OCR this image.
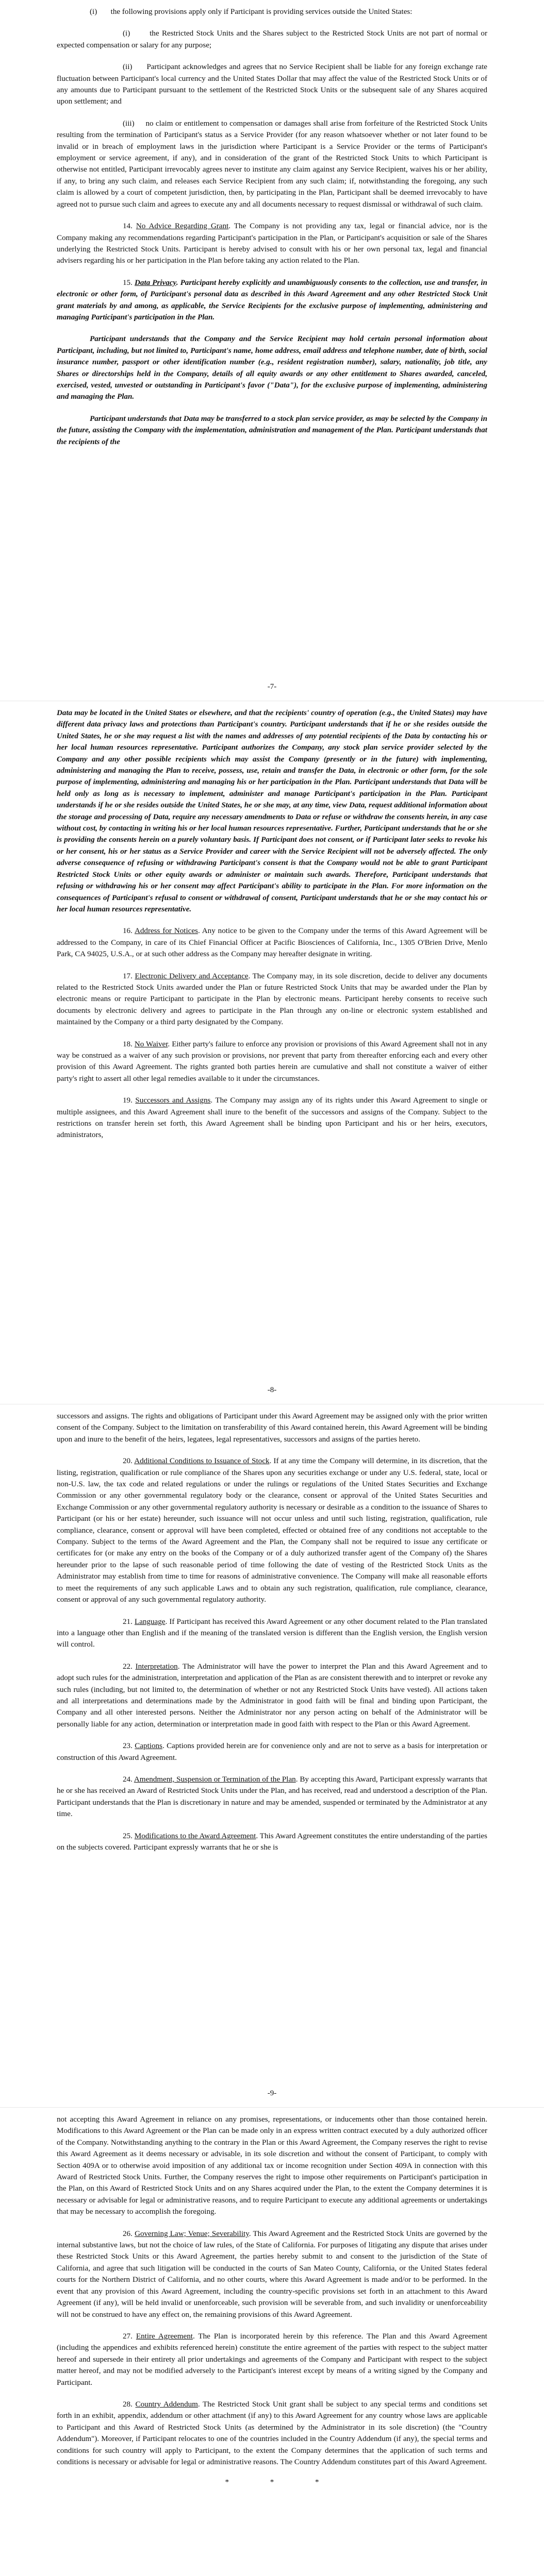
(i)       the following provisions apply only if Participant is providing services outside the United States:

(i)       the Restricted Stock Units and the Shares subject to the Restricted Stock Units are not part of normal or expected compensation or salary for any purpose;

(ii)      Participant acknowledges and agrees that no Service Recipient shall be liable for any foreign exchange rate fluctuation between Participant's local currency and the United States Dollar that may affect the value of the Restricted Stock Units or of any amounts due to Participant pursuant to the settlement of the Restricted Stock Units or the subsequent sale of any Shares acquired upon settlement; and

(iii)     no claim or entitlement to compensation or damages shall arise from forfeiture of the Restricted Stock Units resulting from the termination of Participant's status as a Service Provider (for any reason whatsoever whether or not later found to be invalid or in breach of employment laws in the jurisdiction where Participant is a Service Provider or the terms of Participant's employment or service agreement, if any), and in consideration of the grant of the Restricted Stock Units to which Participant is otherwise not entitled, Participant irrevocably agrees never to institute any claim against any Service Recipient, waives his or her ability, if any, to bring any such claim, and releases each Service Recipient from any such claim; if, notwithstanding the foregoing, any such claim is allowed by a court of competent jurisdiction, then, by participating in the Plan, Participant shall be deemed irrevocably to have agreed not to pursue such claim and agrees to execute any and all documents necessary to request dismissal or withdrawal of such claim.

14. No Advice Regarding Grant. The Company is not providing any tax, legal or financial advice, nor is the Company making any recommendations regarding Participant's participation in the Plan, or Participant's acquisition or sale of the Shares underlying the Restricted Stock Units. Participant is hereby advised to consult with his or her own personal tax, legal and financial advisers regarding his or her participation in the Plan before taking any action related to the Plan.

15. Data Privacy. Participant hereby explicitly and unambiguously consents to the collection, use and transfer, in electronic or other form, of Participant's personal data as described in this Award Agreement and any other Restricted Stock Unit grant materials by and among, as applicable, the Service Recipients for the exclusive purpose of implementing, administering and managing Participant's participation in the Plan.

Participant understands that the Company and the Service Recipient may hold certain personal information about Participant, including, but not limited to, Participant's name, home address, email address and telephone number, date of birth, social insurance number, passport or other identification number (e.g., resident registration number), salary, nationality, job title, any Shares or directorships held in the Company, details of all equity awards or any other entitlement to Shares awarded, canceled, exercised, vested, unvested or outstanding in Participant's favor ("Data"), for the exclusive purpose of implementing, administering and managing the Plan.

Participant understands that Data may be transferred to a stock plan service provider, as may be selected by the Company in the future, assisting the Company with the implementation, administration and management of the Plan. Participant understands that the recipients of the

-7-

Data may be located in the United States or elsewhere, and that the recipients' country of operation (e.g., the United States) may have different data privacy laws and protections than Participant's country. Participant understands that if he or she resides outside the United States, he or she may request a list with the names and addresses of any potential recipients of the Data by contacting his or her local human resources representative. Participant authorizes the Company, any stock plan service provider selected by the Company and any other possible recipients which may assist the Company (presently or in the future) with implementing, administering and managing the Plan to receive, possess, use, retain and transfer the Data, in electronic or other form, for the sole purpose of implementing, administering and managing his or her participation in the Plan. Participant understands that Data will be held only as long as is necessary to implement, administer and manage Participant's participation in the Plan. Participant understands if he or she resides outside the United States, he or she may, at any time, view Data, request additional information about the storage and processing of Data, require any necessary amendments to Data or refuse or withdraw the consents herein, in any case without cost, by contacting in writing his or her local human resources representative. Further, Participant understands that he or she is providing the consents herein on a purely voluntary basis. If Participant does not consent, or if Participant later seeks to revoke his or her consent, his or her status as a Service Provider and career with the Service Recipient will not be adversely affected. The only adverse consequence of refusing or withdrawing Participant's consent is that the Company would not be able to grant Participant Restricted Stock Units or other equity awards or administer or maintain such awards. Therefore, Participant understands that refusing or withdrawing his or her consent may affect Participant's ability to participate in the Plan. For more information on the consequences of Participant's refusal to consent or withdrawal of consent, Participant understands that he or she may contact his or her local human resources representative.

16. Address for Notices. Any notice to be given to the Company under the terms of this Award Agreement will be addressed to the Company, in care of its Chief Financial Officer at Pacific Biosciences of California, Inc., 1305 O'Brien Drive, Menlo Park, CA 94025, U.S.A., or at such other address as the Company may hereafter designate in writing.

17. Electronic Delivery and Acceptance. The Company may, in its sole discretion, decide to deliver any documents related to the Restricted Stock Units awarded under the Plan or future Restricted Stock Units that may be awarded under the Plan by electronic means or require Participant to participate in the Plan by electronic means. Participant hereby consents to receive such documents by electronic delivery and agrees to participate in the Plan through any on-line or electronic system established and maintained by the Company or a third party designated by the Company.

18. No Waiver. Either party's failure to enforce any provision or provisions of this Award Agreement shall not in any way be construed as a waiver of any such provision or provisions, nor prevent that party from thereafter enforcing each and every other provision of this Award Agreement. The rights granted both parties herein are cumulative and shall not constitute a waiver of either party's right to assert all other legal remedies available to it under the circumstances.

19. Successors and Assigns. The Company may assign any of its rights under this Award Agreement to single or multiple assignees, and this Award Agreement shall inure to the benefit of the successors and assigns of the Company. Subject to the restrictions on transfer herein set forth, this Award Agreement shall be binding upon Participant and his or her heirs, executors, administrators,

-8-

successors and assigns. The rights and obligations of Participant under this Award Agreement may be assigned only with the prior written consent of the Company. Subject to the limitation on transferability of this Award contained herein, this Award Agreement will be binding upon and inure to the benefit of the heirs, legatees, legal representatives, successors and assigns of the parties hereto.

20. Additional Conditions to Issuance of Stock. If at any time the Company will determine, in its discretion, that the listing, registration, qualification or rule compliance of the Shares upon any securities exchange or under any U.S. federal, state, local or non-U.S. law, the tax code and related regulations or under the rulings or regulations of the United States Securities and Exchange Commission or any other governmental regulatory body or the clearance, consent or approval of the United States Securities and Exchange Commission or any other governmental regulatory authority is necessary or desirable as a condition to the issuance of Shares to Participant (or his or her estate) hereunder, such issuance will not occur unless and until such listing, registration, qualification, rule compliance, clearance, consent or approval will have been completed, effected or obtained free of any conditions not acceptable to the Company. Subject to the terms of the Award Agreement and the Plan, the Company shall not be required to issue any certificate or certificates for (or make any entry on the books of the Company or of a duly authorized transfer agent of the Company of) the Shares hereunder prior to the lapse of such reasonable period of time following the date of vesting of the Restricted Stock Units as the Administrator may establish from time to time for reasons of administrative convenience. The Company will make all reasonable efforts to meet the requirements of any such applicable Laws and to obtain any such registration, qualification, rule compliance, clearance, consent or approval of any such governmental regulatory authority.

21. Language. If Participant has received this Award Agreement or any other document related to the Plan translated into a language other than English and if the meaning of the translated version is different than the English version, the English version will control.

22. Interpretation. The Administrator will have the power to interpret the Plan and this Award Agreement and to adopt such rules for the administration, interpretation and application of the Plan as are consistent therewith and to interpret or revoke any such rules (including, but not limited to, the determination of whether or not any Restricted Stock Units have vested). All actions taken and all interpretations and determinations made by the Administrator in good faith will be final and binding upon Participant, the Company and all other interested persons. Neither the Administrator nor any person acting on behalf of the Administrator will be personally liable for any action, determination or interpretation made in good faith with respect to the Plan or this Award Agreement.

23. Captions. Captions provided herein are for convenience only and are not to serve as a basis for interpretation or construction of this Award Agreement.

24. Amendment, Suspension or Termination of the Plan. By accepting this Award, Participant expressly warrants that he or she has received an Award of Restricted Stock Units under the Plan, and has received, read and understood a description of the Plan. Participant understands that the Plan is discretionary in nature and may be amended, suspended or terminated by the Administrator at any time.

25. Modifications to the Award Agreement. This Award Agreement constitutes the entire understanding of the parties on the subjects covered. Participant expressly warrants that he or she is

-9-

not accepting this Award Agreement in reliance on any promises, representations, or inducements other than those contained herein. Modifications to this Award Agreement or the Plan can be made only in an express written contract executed by a duly authorized officer of the Company. Notwithstanding anything to the contrary in the Plan or this Award Agreement, the Company reserves the right to revise this Award Agreement as it deems necessary or advisable, in its sole discretion and without the consent of Participant, to comply with Section 409A or to otherwise avoid imposition of any additional tax or income recognition under Section 409A in connection with this Award of Restricted Stock Units. Further, the Company reserves the right to impose other requirements on Participant's participation in the Plan, on this Award of Restricted Stock Units and on any Shares acquired under the Plan, to the extent the Company determines it is necessary or advisable for legal or administrative reasons, and to require Participant to execute any additional agreements or undertakings that may be necessary to accomplish the foregoing.

26. Governing Law; Venue; Severability. This Award Agreement and the Restricted Stock Units are governed by the internal substantive laws, but not the choice of law rules, of the State of California. For purposes of litigating any dispute that arises under these Restricted Stock Units or this Award Agreement, the parties hereby submit to and consent to the jurisdiction of the State of California, and agree that such litigation will be conducted in the courts of San Mateo County, California, or the United States federal courts for the Northern District of California, and no other courts, where this Award Agreement is made and/or to be performed. In the event that any provision of this Award Agreement, including the country-specific provisions set forth in an attachment to this Award Agreement (if any), will be held invalid or unenforceable, such provision will be severable from, and such invalidity or unenforceability will not be construed to have any effect on, the remaining provisions of this Award Agreement.

27. Entire Agreement. The Plan is incorporated herein by this reference. The Plan and this Award Agreement (including the appendices and exhibits referenced herein) constitute the entire agreement of the parties with respect to the subject matter hereof and supersede in their entirety all prior undertakings and agreements of the Company and Participant with respect to the subject matter hereof, and may not be modified adversely to the Participant's interest except by means of a writing signed by the Company and Participant.

28. Country Addendum. The Restricted Stock Unit grant shall be subject to any special terms and conditions set forth in an exhibit, appendix, addendum or other attachment (if any) to this Award Agreement for any country whose laws are applicable to Participant and this Award of Restricted Stock Units (as determined by the Administrator in its sole discretion) (the "Country Addendum"). Moreover, if Participant relocates to one of the countries included in the Country Addendum (if any), the special terms and conditions for such country will apply to Participant, to the extent the Company determines that the application of such terms and conditions is necessary or advisable for legal or administrative reasons. The Country Addendum constitutes part of this Award Agreement.

* * *
